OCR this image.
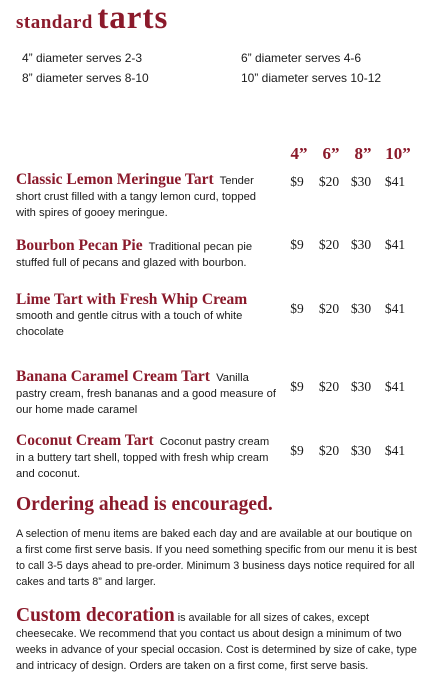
standard tarts
4” diameter serves 2-3
8” diameter serves 8-10
6” diameter serves 4-6
10” diameter serves 10-12
4” 6” 8” 10”
Classic Lemon Meringue Tart Tender short crust filled with a tangy lemon curd, topped with spires of gooey meringue.
$9	$20 $30	$41
Bourbon Pecan Pie Traditional pecan pie stuffed full of pecans and glazed with bourbon.
$9	$20 $30	$41
Lime Tart with Fresh Whip Cream
smooth and gentle citrus with a touch of white chocolate
$9	$20 $30	$41
Banana Caramel Cream Tart Vanilla pastry cream, fresh bananas and a good measure of our home made caramel
$9	$20 $30	$41
Coconut Cream Tart Coconut pastry cream in a buttery tart shell, topped with fresh whip cream and coconut.
$9	$20 $30	$41
Ordering ahead is encouraged.
A selection of menu items are baked each day and are available at our boutique on a first come first serve basis. If you need something specific from our menu it is best to call 3-5 days ahead to pre-order. Minimum 3 business days notice required for all cakes and tarts 8” and larger.
Custom decoration is available for all sizes of cakes, except cheesecake. We recommend that you contact us about design a minimum of two weeks in advance of your special occasion. Cost is determined by size of cake, type and intricacy of design. Orders are taken on a first come, first serve basis.
